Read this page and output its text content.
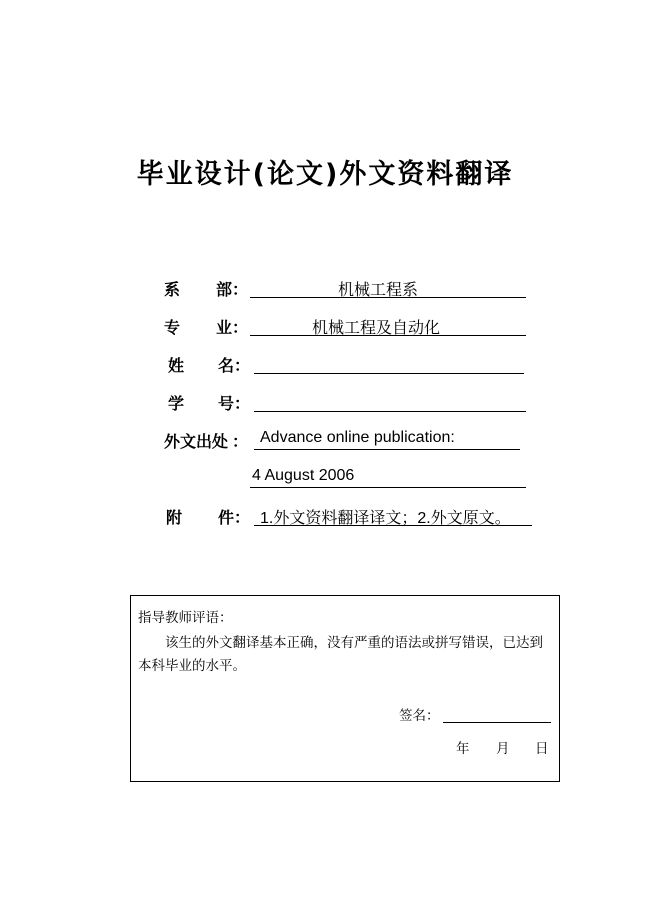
毕业设计(论文)外文资料翻译
系 部 ：	机械工程系
专 业 ：	机械工程及自动化
姓 名 ：
学 号 ：
外文出处 ： Advance online publication:
4 August 2006
附 件 ： 1.外文资料翻译译文；2.外文原文。
指导教师评语：
该生的外文翻译基本正确，没有严重的语法或拼写错误，已达到本科毕业的水平。
签名：
年 月 日
